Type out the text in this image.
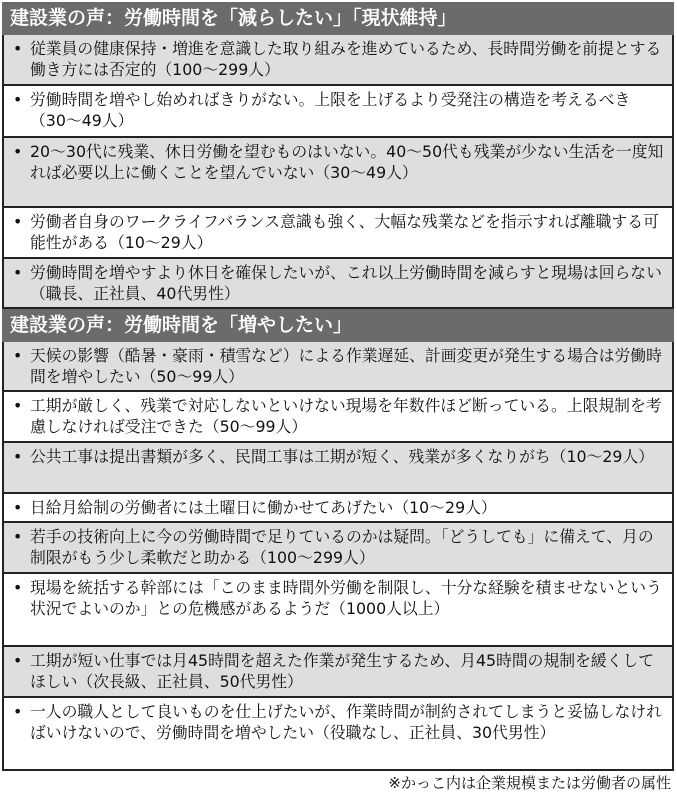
建設業の声：労働時間を「減らしたい」「現状維持」
• 従業員の健康保持・増進を意識した取り組みを進めているため、長時間労働を前提とする働き方には否定的（100〜299人）
• 労働時間を増やし始めればきりがない。上限を上げるより受発注の構造を考えるべき（30〜49人）
• 20〜30代に残業、休日労働を望むものはいない。40〜50代も残業が少ない生活を一度知れば必要以上に働くことを望んでいない（30〜49人）
• 労働者自身のワークライフバランス意識も強く、大幅な残業などを指示すれば離職する可能性がある（10〜29人）
• 労働時間を増やすより休日を確保したいが、これ以上労働時間を減らすと現場は回らない（職長、正社員、40代男性）
建設業の声：労働時間を「増やしたい」
• 天候の影響（酷暑・豪雨・積雪など）による作業遅延、計画変更が発生する場合は労働時間を増やしたい（50〜99人）
• 工期が厳しく、残業で対応しないといけない現場を年数件ほど断っている。上限規制を考慮しなければ受注できた（50〜99人）
• 公共工事は提出書類が多く、民間工事は工期が短く、残業が多くなりがち（10〜29人）
• 日給月給制の労働者には土曜日に働かせてあげたい（10〜29人）
• 若手の技術向上に今の労働時間で足りているのかは疑問。「どうしても」に備えて、月の制限がもう少し柔軟だと助かる（100〜299人）
• 現場を統括する幹部には「このまま時間外労働を制限し、十分な経験を積ませないという状況でよいのか」との危機感があるようだ（1000人以上）
• 工期が短い仕事では月45時間を超えた作業が発生するため、月45時間の規制を緩くしてほしい（次長級、正社員、50代男性）
• 一人の職人として良いものを仕上げたいが、作業時間が制約されてしまうと妥協しなければいけないので、労働時間を増やしたい（役職なし、正社員、30代男性）
※かっこ内は企業規模または労働者の属性
